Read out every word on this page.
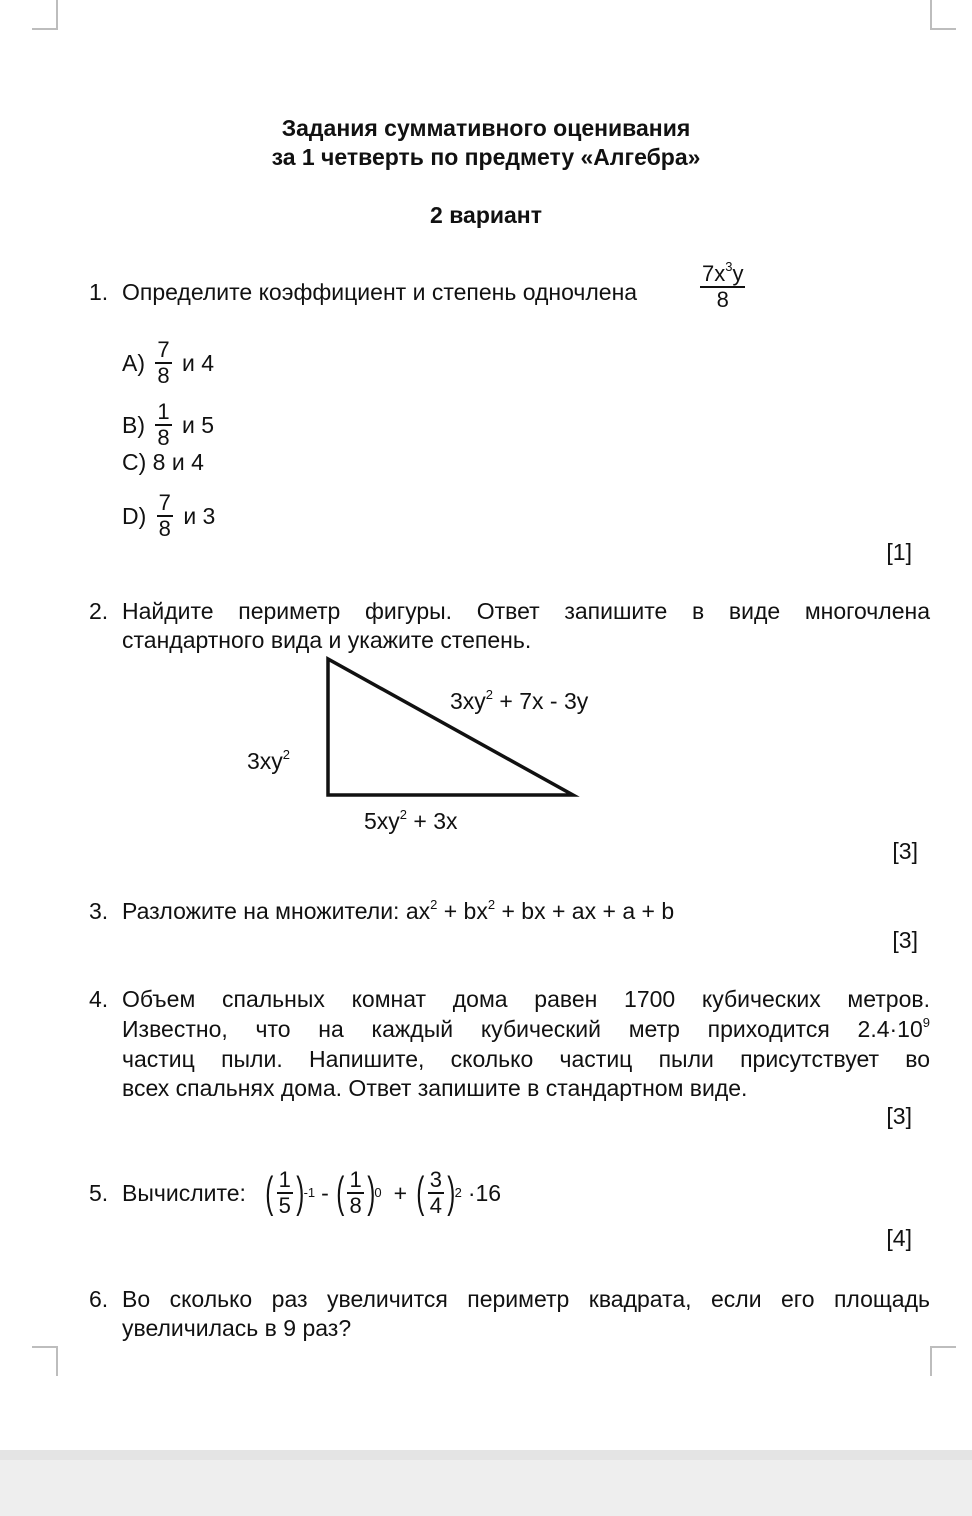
Задания суммативного оценивания
за 1 четверть по предмету «Алгебра»
2 вариант
1. Определите коэффициент и степень одночлена	$\frac{7x^3y}{8}$
$A) \frac{7}{8}$ и 4
$B) \frac{1}{8}$ и 5
C) 8 и 4
$D) \frac{7}{8}$ и 3
[1]
2. Найдите периметр фигуры. Ответ запишите в виде многочлена
стандартного вида и укажите степень.
$3xy^2 + 7x - 3y$
$3xy^2$
$5xy^2 + 3x$
[3]
3. Разложите на множители: $ax^2 + bx^2$ + bx + ax + a + b
[3]
4. Объем спальных комнат дома равен 1700 кубических метров.
Известно, что на каждый кубический метр приходится $2.4\cdot 10^9$
частиц пыли. Напишите, сколько частиц пыли присутствует во
всех спальнях дома. Ответ запишите в стандартном виде.
[3]
5. Вычислите: ( $\frac{1}{5}$ ) -1 - ( $\frac{1}{8}$ ) 0 + ( $\frac{3}{4}$ ) 2 ·16
[4]
6. Во сколько раз увеличится периметр квадрата, если его площадь
увеличилась в 9 раз?
